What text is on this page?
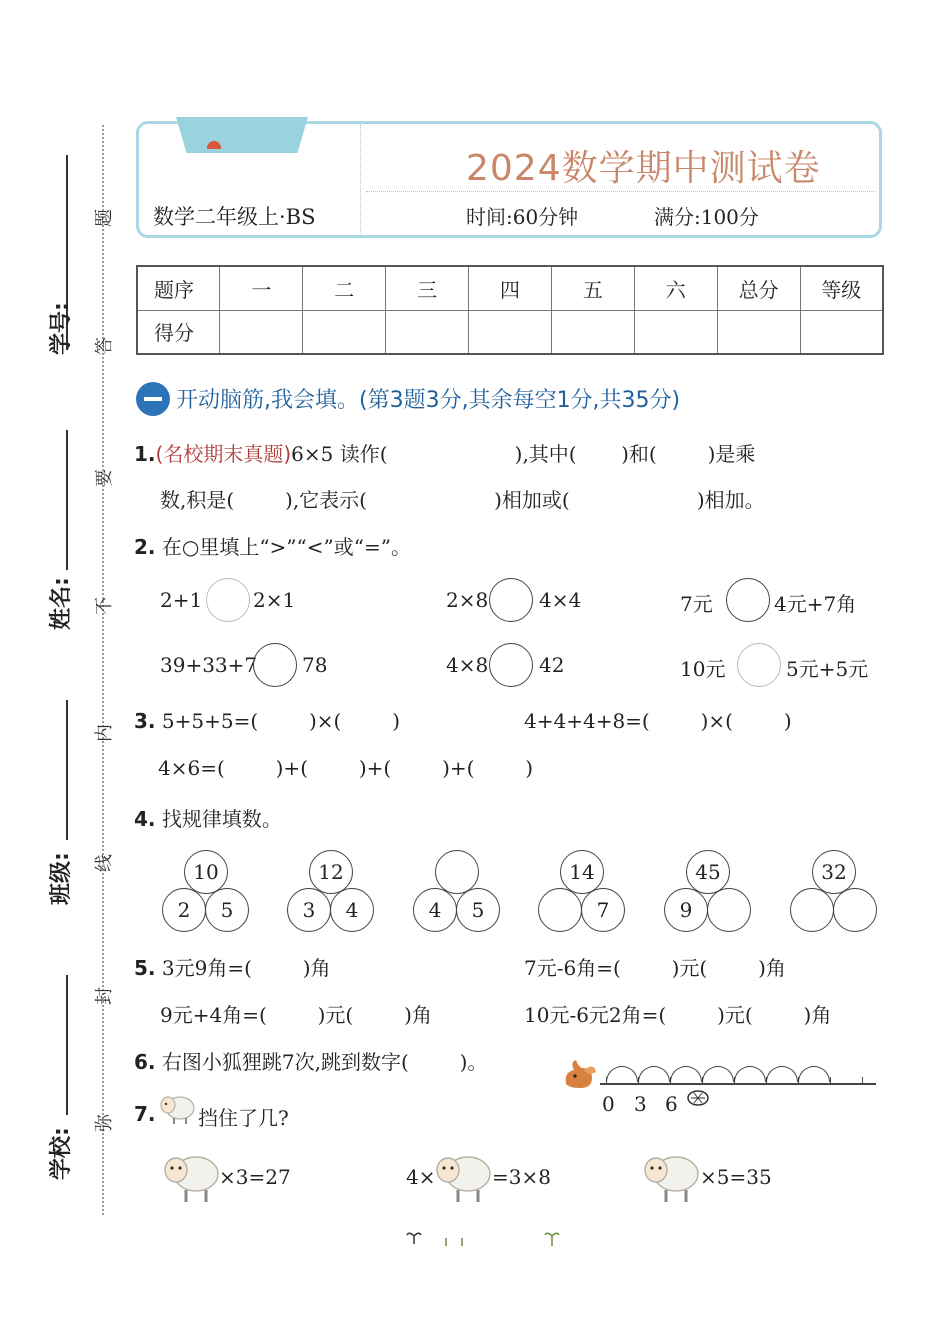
学号:
姓名:
班级:
学校:
题
答
要
不
内
线
封
弥
2024数学期中测试卷
数学二年级上·BS	时间:60分钟	满分:100分
题序	一	二	三	四	五	六	总分	等级
得分								
开动脑筋,我会填。(第3题3分,其余每空1分,共35分)
1.(名校期末真题)6×5 读作(                    ),其中(       )和(        )是乘
数,积是(        ),它表示(                    )相加或(                    )相加。
2. 在○里填上“>”“<”或“=”。
2+1	2×1	2×8	4×4	7元	4元+7角
39+33+7 78	4×8	42	10元	5元+5元
3. 5+5+5=(        )×(        )	4+4+4+8=(        )×(        )
4×6=(        )+(        )+(        )+(        )
4. 找规律填数。
2	5
10
3	4
12
4	5	7
14
9
45	32
5. 3元9角=(        )角	7元-6角=(        )元(        )角
9元+4角=(        )元(        )角	10元-6元2角=(        )元(        )角
6. 右图小狐狸跳7次,跳到数字(        )。
0 3 6
7. 挡住了几?
×3=27	4×	=3×8	×5=35
